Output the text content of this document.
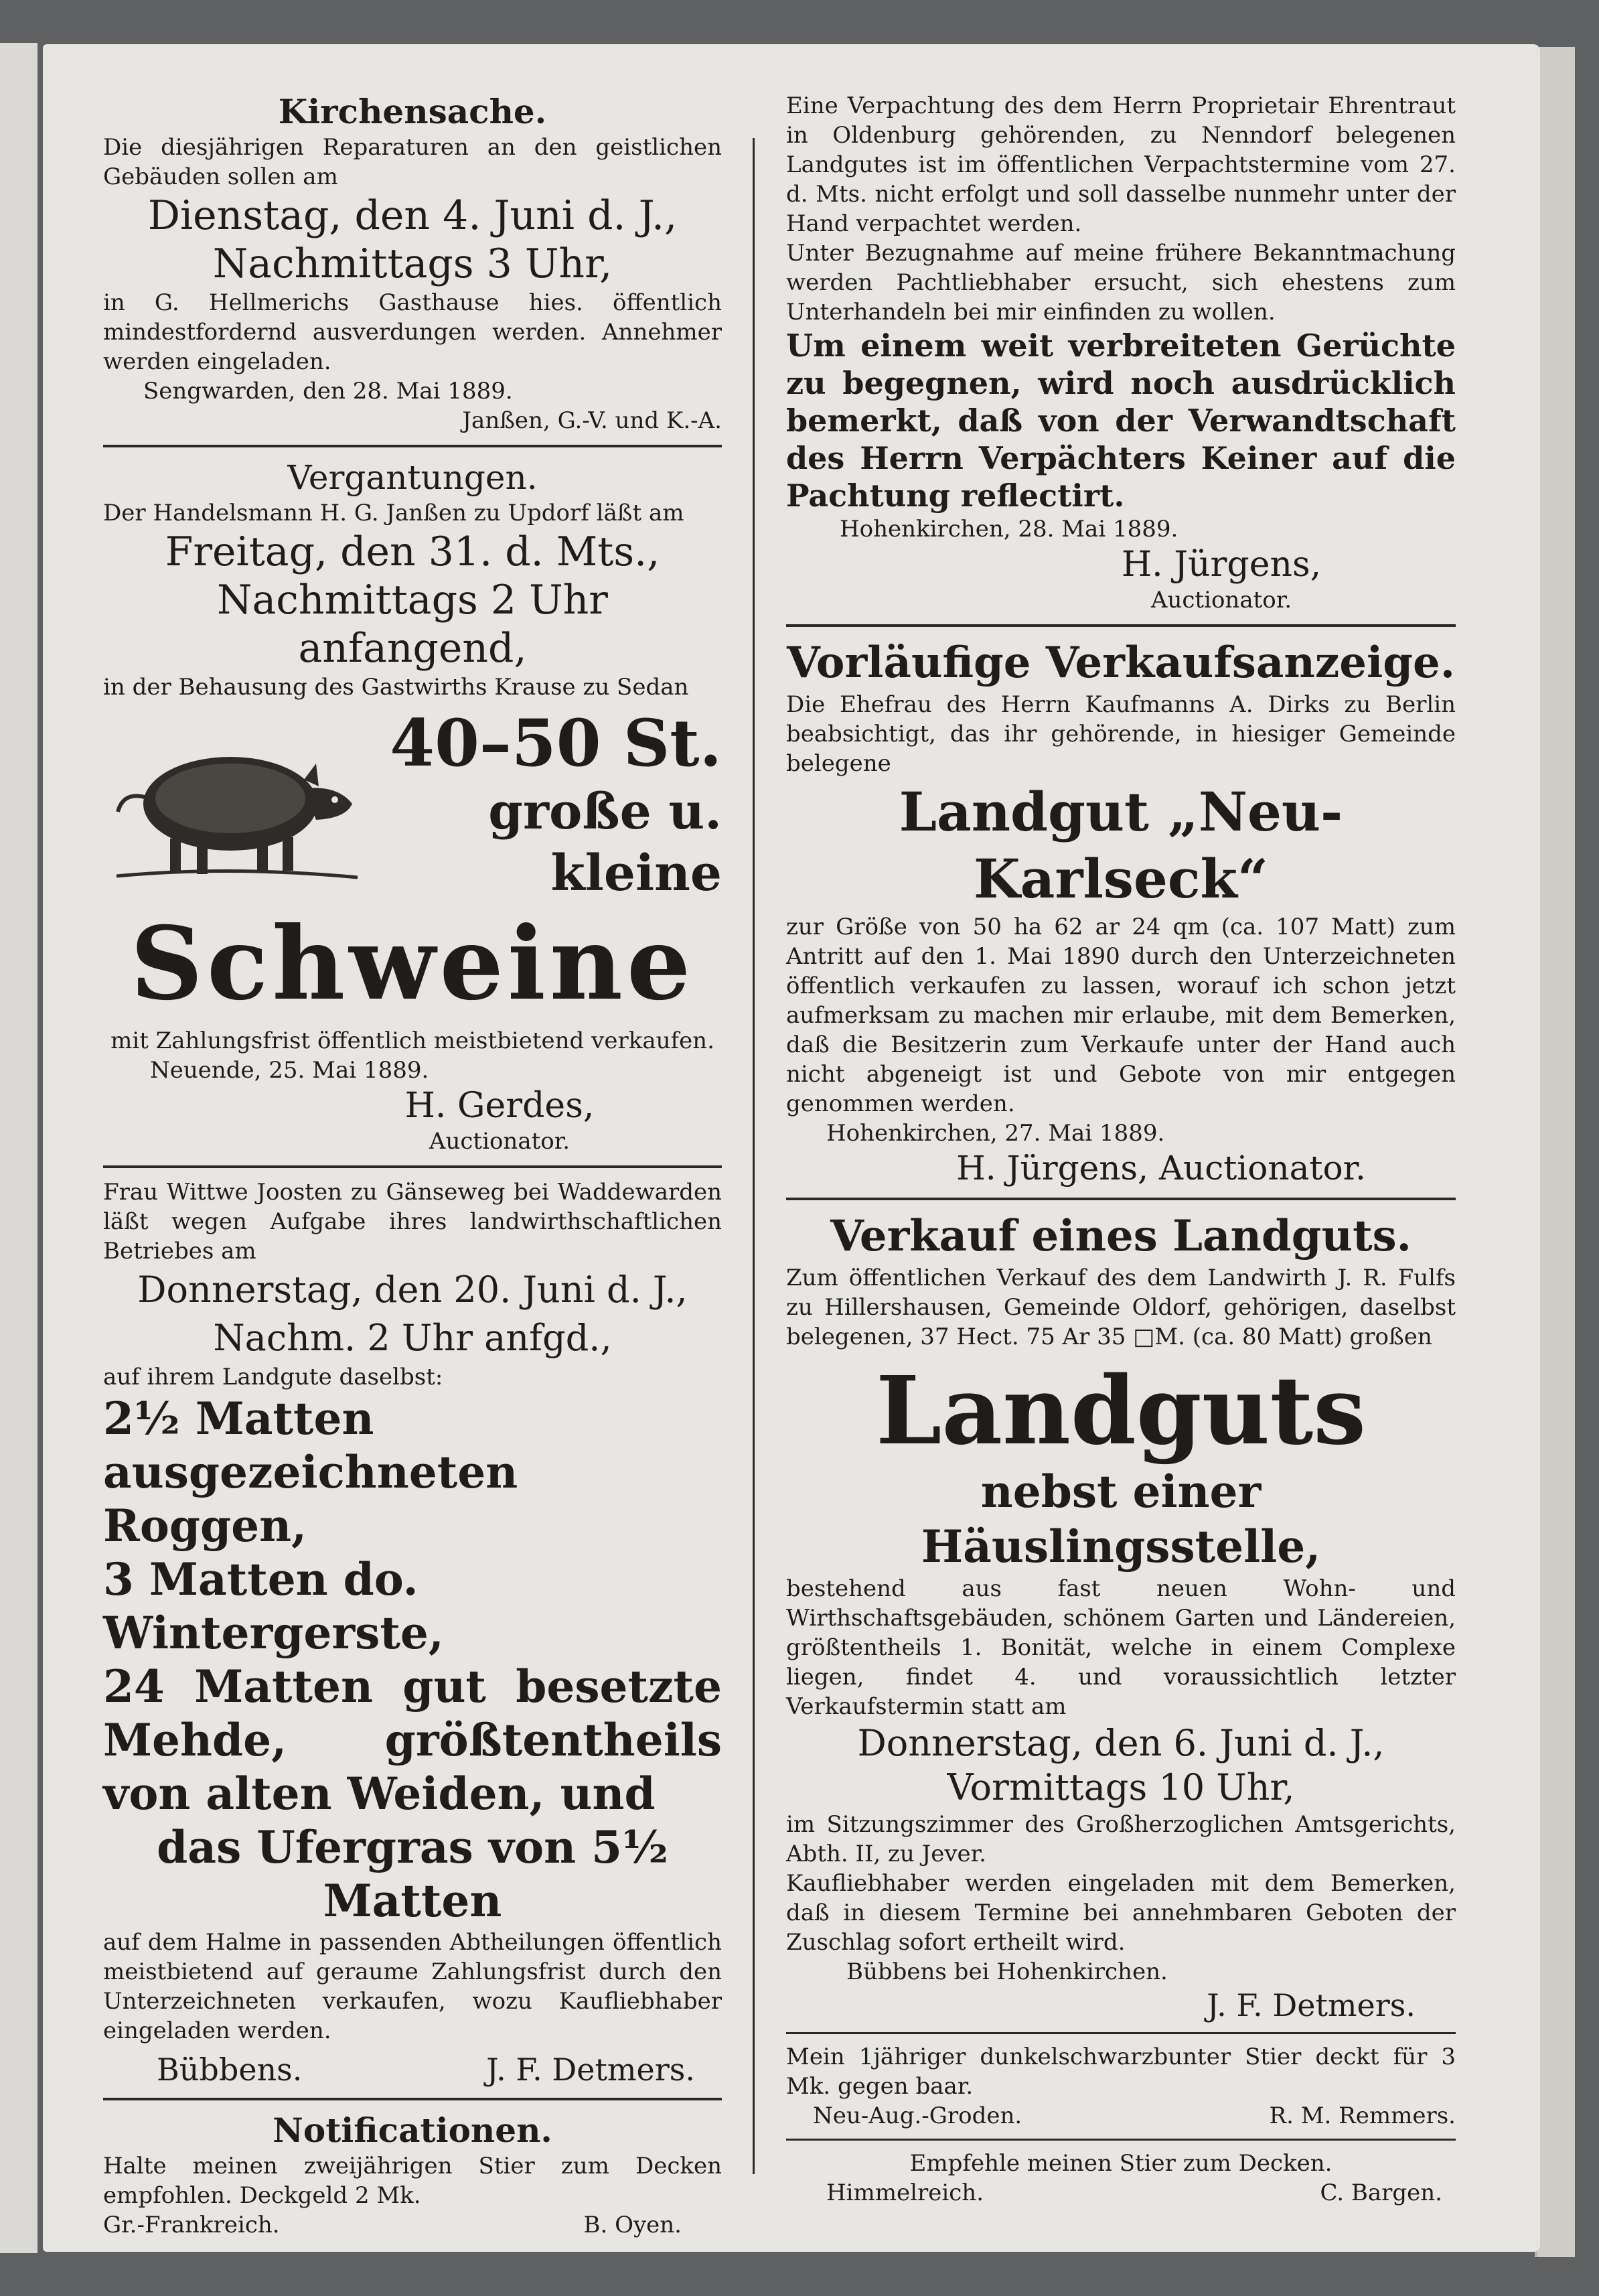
Kirchensache.

Die diesjährigen Reparaturen an den geistlichen Gebäuden sollen am

Dienstag, den 4. Juni d. J.,

Nachmittags 3 Uhr,

in G. Hellmerichs Gasthause hies. öffentlich mindestfordernd ausverdungen werden. Annehmer werden eingeladen.

Sengwarden, den 28. Mai 1889.

Janßen, G.-V. und K.-A.

Vergantungen.

Der Handelsmann H. G. Janßen zu Updorf läßt am

Freitag, den 31. d. Mts.,

Nachmittags 2 Uhr anfangend,

in der Behausung des Gastwirths Krause zu Sedan

40–50 St.

große u. kleine

Schweine

mit Zahlungsfrist öffentlich meistbietend verkaufen.

Neuende, 25. Mai 1889.

H. Gerdes,

Auctionator.

Frau Wittwe Joosten zu Gänseweg bei Waddewarden läßt wegen Aufgabe ihres landwirthschaftlichen Betriebes am

Donnerstag, den 20. Juni d. J.,

Nachm. 2 Uhr anfgd.,

auf ihrem Landgute daselbst:

2½ Matten ausgezeichneten Roggen,

3 Matten do. Wintergerste,

24 Matten gut besetzte Mehde, größtentheils von alten Weiden, und

das Ufergras von 5½ Matten

auf dem Halme in passenden Abtheilungen öffentlich meistbietend auf geraume Zahlungsfrist durch den Unterzeichneten verkaufen, wozu Kaufliebhaber eingeladen werden.

Bübbens.	J. F. Detmers.

Notificationen.

Halte meinen zweijährigen Stier zum Decken empfohlen. Deckgeld 2 Mk.

Gr.-Frankreich.	B. Oyen.

Eine Verpachtung des dem Herrn Proprietair Ehrentraut in Oldenburg gehörenden, zu Nenndorf belegenen Landgutes ist im öffentlichen Verpachtstermine vom 27. d. Mts. nicht erfolgt und soll dasselbe nunmehr unter der Hand verpachtet werden.

Unter Bezugnahme auf meine frühere Bekanntmachung werden Pachtliebhaber ersucht, sich ehestens zum Unterhandeln bei mir einfinden zu wollen.

Um einem weit verbreiteten Gerüchte zu begegnen, wird noch ausdrücklich bemerkt, daß von der Verwandtschaft des Herrn Verpächters Keiner auf die Pachtung reflectirt.

Hohenkirchen, 28. Mai 1889.

H. Jürgens,

Auctionator.

Vorläufige Verkaufsanzeige.

Die Ehefrau des Herrn Kaufmanns A. Dirks zu Berlin beabsichtigt, das ihr gehörende, in hiesiger Gemeinde belegene

Landgut „Neu-Karlseck“

zur Größe von 50 ha 62 ar 24 qm (ca. 107 Matt) zum Antritt auf den 1. Mai 1890 durch den Unterzeichneten öffentlich verkaufen zu lassen, worauf ich schon jetzt aufmerksam zu machen mir erlaube, mit dem Bemerken, daß die Besitzerin zum Verkaufe unter der Hand auch nicht abgeneigt ist und Gebote von mir entgegen genommen werden.

Hohenkirchen, 27. Mai 1889.

H. Jürgens, Auctionator.

Verkauf eines Landguts.

Zum öffentlichen Verkauf des dem Landwirth J. R. Fulfs zu Hillershausen, Gemeinde Oldorf, gehörigen, daselbst belegenen, 37 Hect. 75 Ar 35 □M. (ca. 80 Matt) großen

Landguts

nebst einer Häuslingsstelle,

bestehend aus fast neuen Wohn- und Wirthschaftsgebäuden, schönem Garten und Ländereien, größtentheils 1. Bonität, welche in einem Complexe liegen, findet 4. und voraussichtlich letzter Verkaufstermin statt am

Donnerstag, den 6. Juni d. J.,

Vormittags 10 Uhr,

im Sitzungszimmer des Großherzoglichen Amtsgerichts, Abth. II, zu Jever.

Kaufliebhaber werden eingeladen mit dem Bemerken, daß in diesem Termine bei annehmbaren Geboten der Zuschlag sofort ertheilt wird.

Bübbens bei Hohenkirchen.

J. F. Detmers.

Mein 1jähriger dunkelschwarzbunter Stier deckt für 3 Mk. gegen baar.

Neu-Aug.-Groden.	R. M. Remmers.

Empfehle meinen Stier zum Decken.

Himmelreich.	C. Bargen.
